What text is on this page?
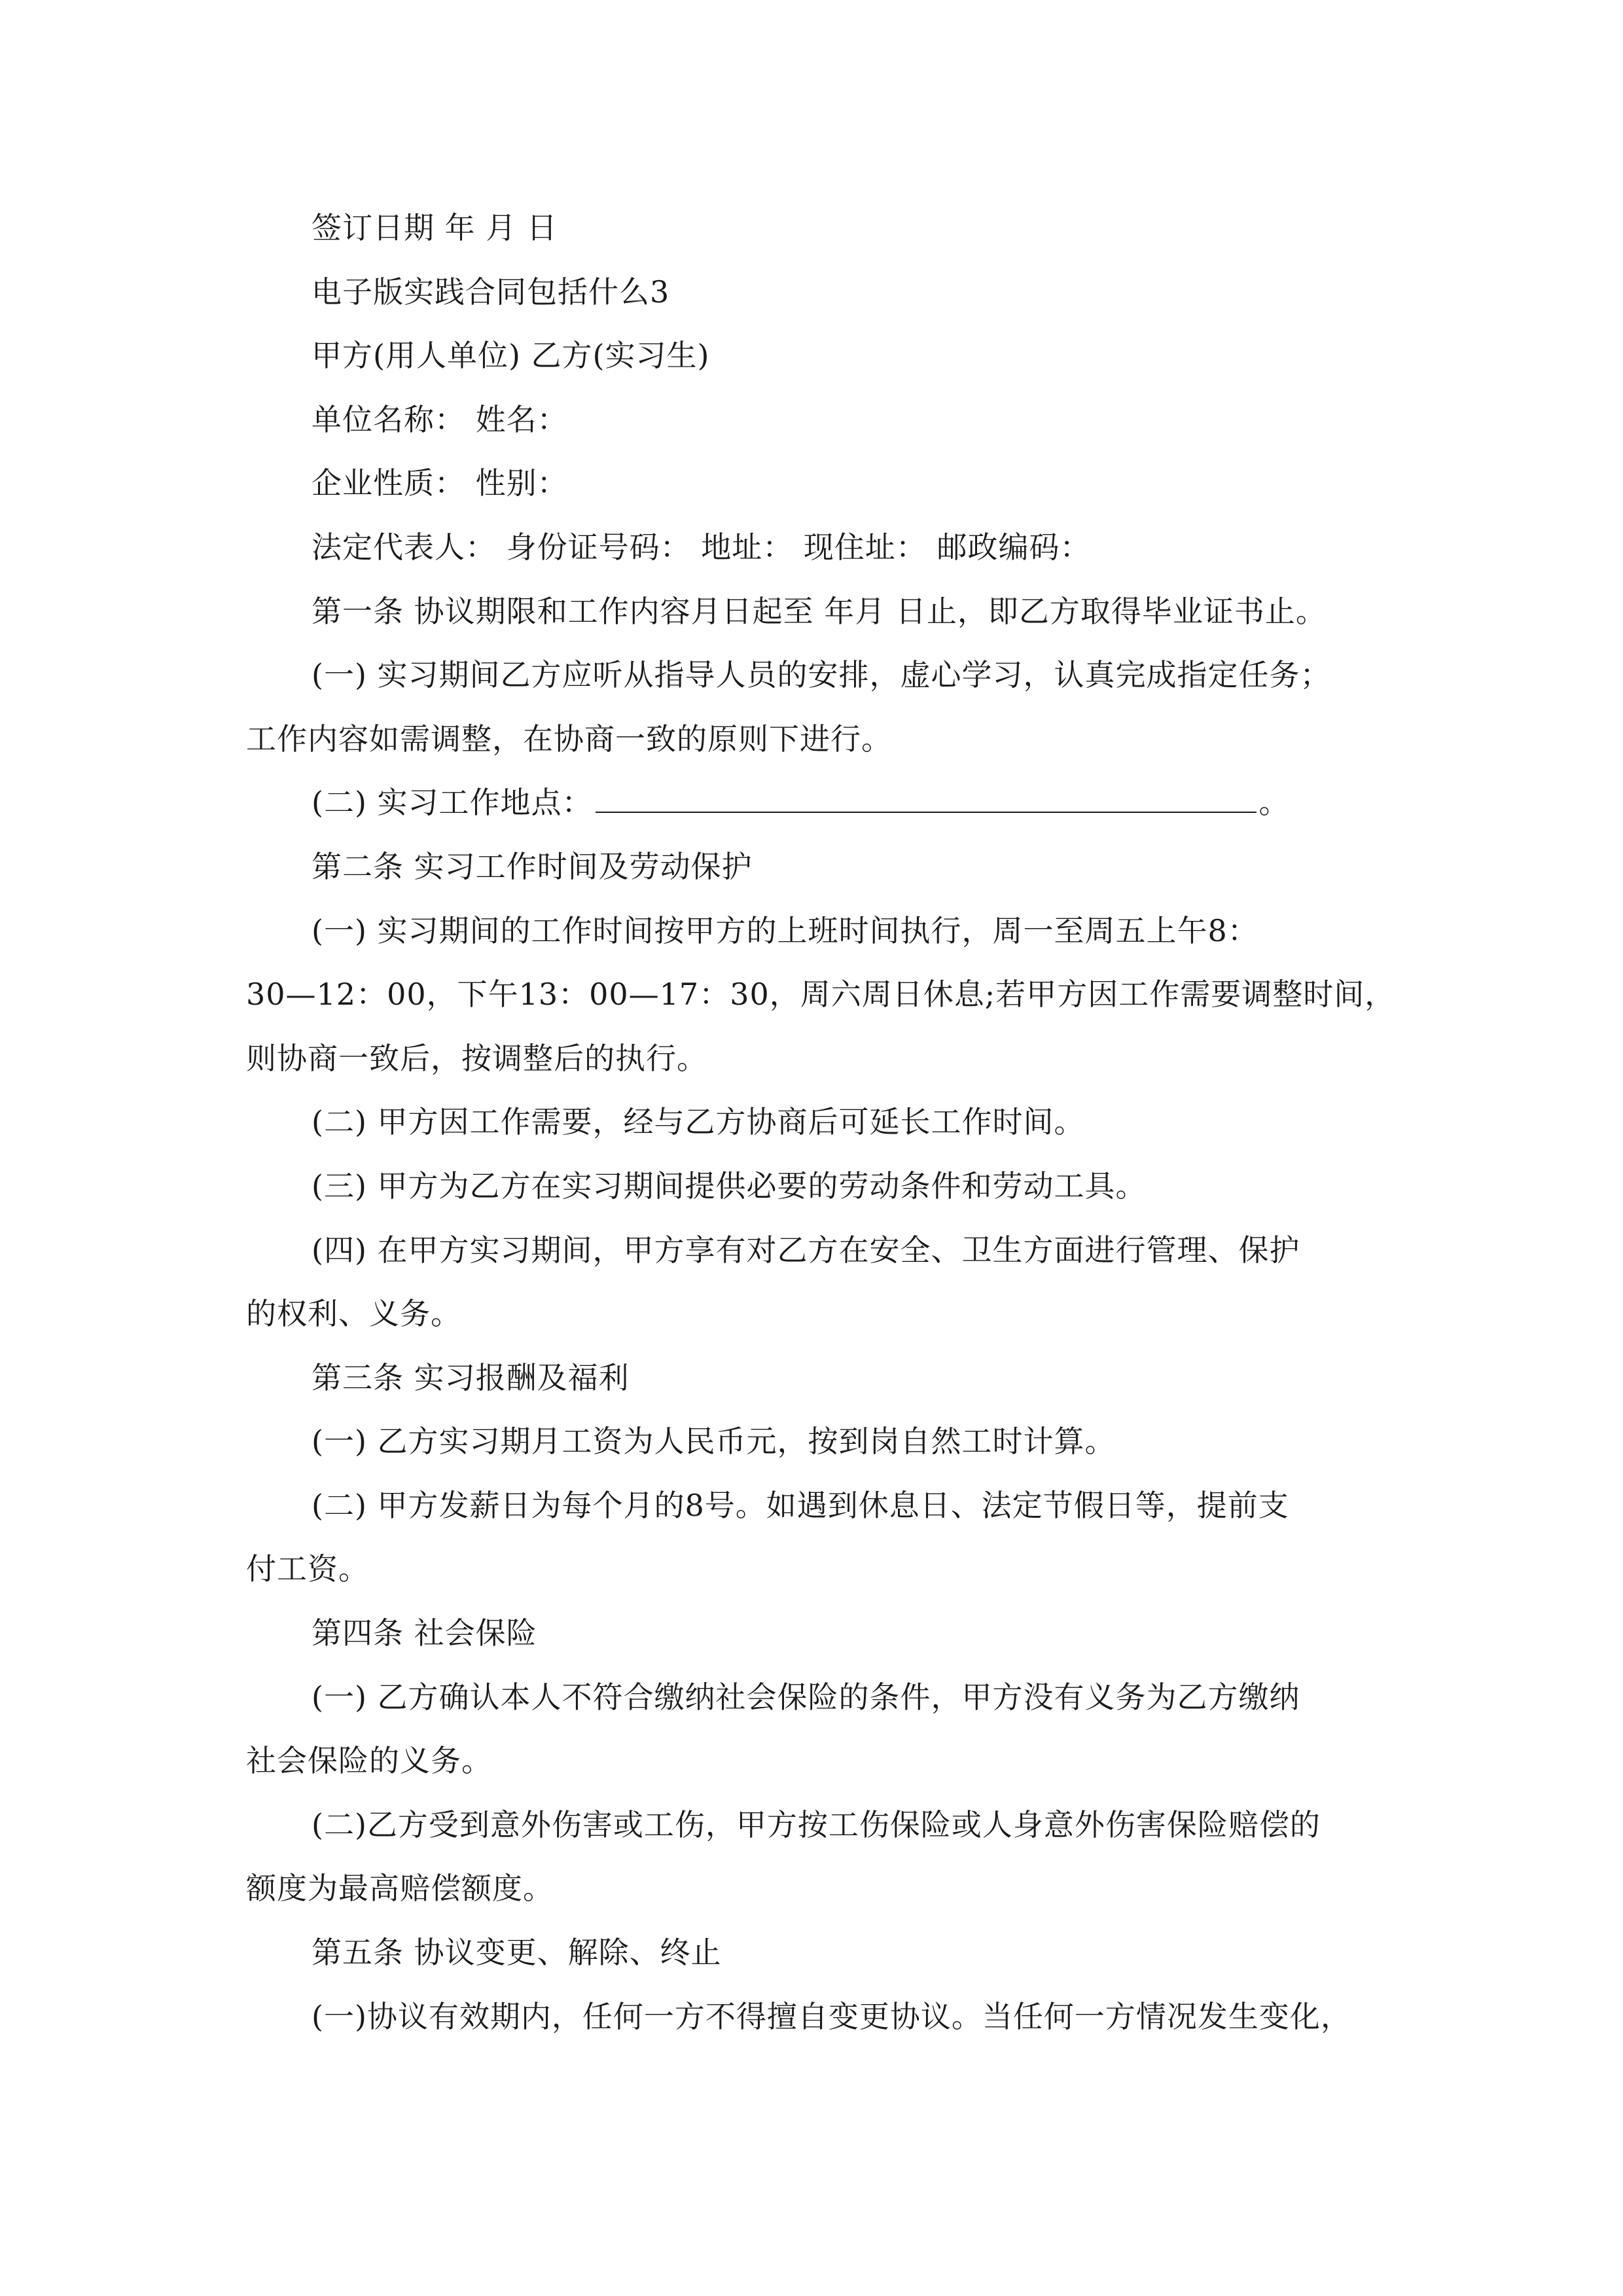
签订日期 年 月 日
电子版实践合同包括什么3
甲方(用人单位) 乙方(实习生)
单位名称： 姓名：
企业性质： 性别：
法定代表人： 身份证号码： 地址： 现住址： 邮政编码：
第一条 协议期限和工作内容月日起至 年月 日止，即乙方取得毕业证书止。
(一) 实习期间乙方应听从指导人员的安排，虚心学习，认真完成指定任务；
工作内容如需调整，在协商一致的原则下进行。
(二) 实习工作地点：	。
第二条 实习工作时间及劳动保护
(一) 实习期间的工作时间按甲方的上班时间执行，周一至周五上午8：
30—12：00，下午13：00—17：30，周六周日休息;若甲方因工作需要调整时间，
则协商一致后，按调整后的执行。
(二) 甲方因工作需要，经与乙方协商后可延长工作时间。
(三) 甲方为乙方在实习期间提供必要的劳动条件和劳动工具。
(四) 在甲方实习期间，甲方享有对乙方在安全、卫生方面进行管理、保护
的权利、义务。
第三条 实习报酬及福利
(一) 乙方实习期月工资为人民币元，按到岗自然工时计算。
(二) 甲方发薪日为每个月的8号。如遇到休息日、法定节假日等，提前支
付工资。
第四条 社会保险
(一) 乙方确认本人不符合缴纳社会保险的条件，甲方没有义务为乙方缴纳
社会保险的义务。
(二)乙方受到意外伤害或工伤，甲方按工伤保险或人身意外伤害保险赔偿的
额度为最高赔偿额度。
第五条 协议变更、解除、终止
(一)协议有效期内，任何一方不得擅自变更协议。当任何一方情况发生变化，
